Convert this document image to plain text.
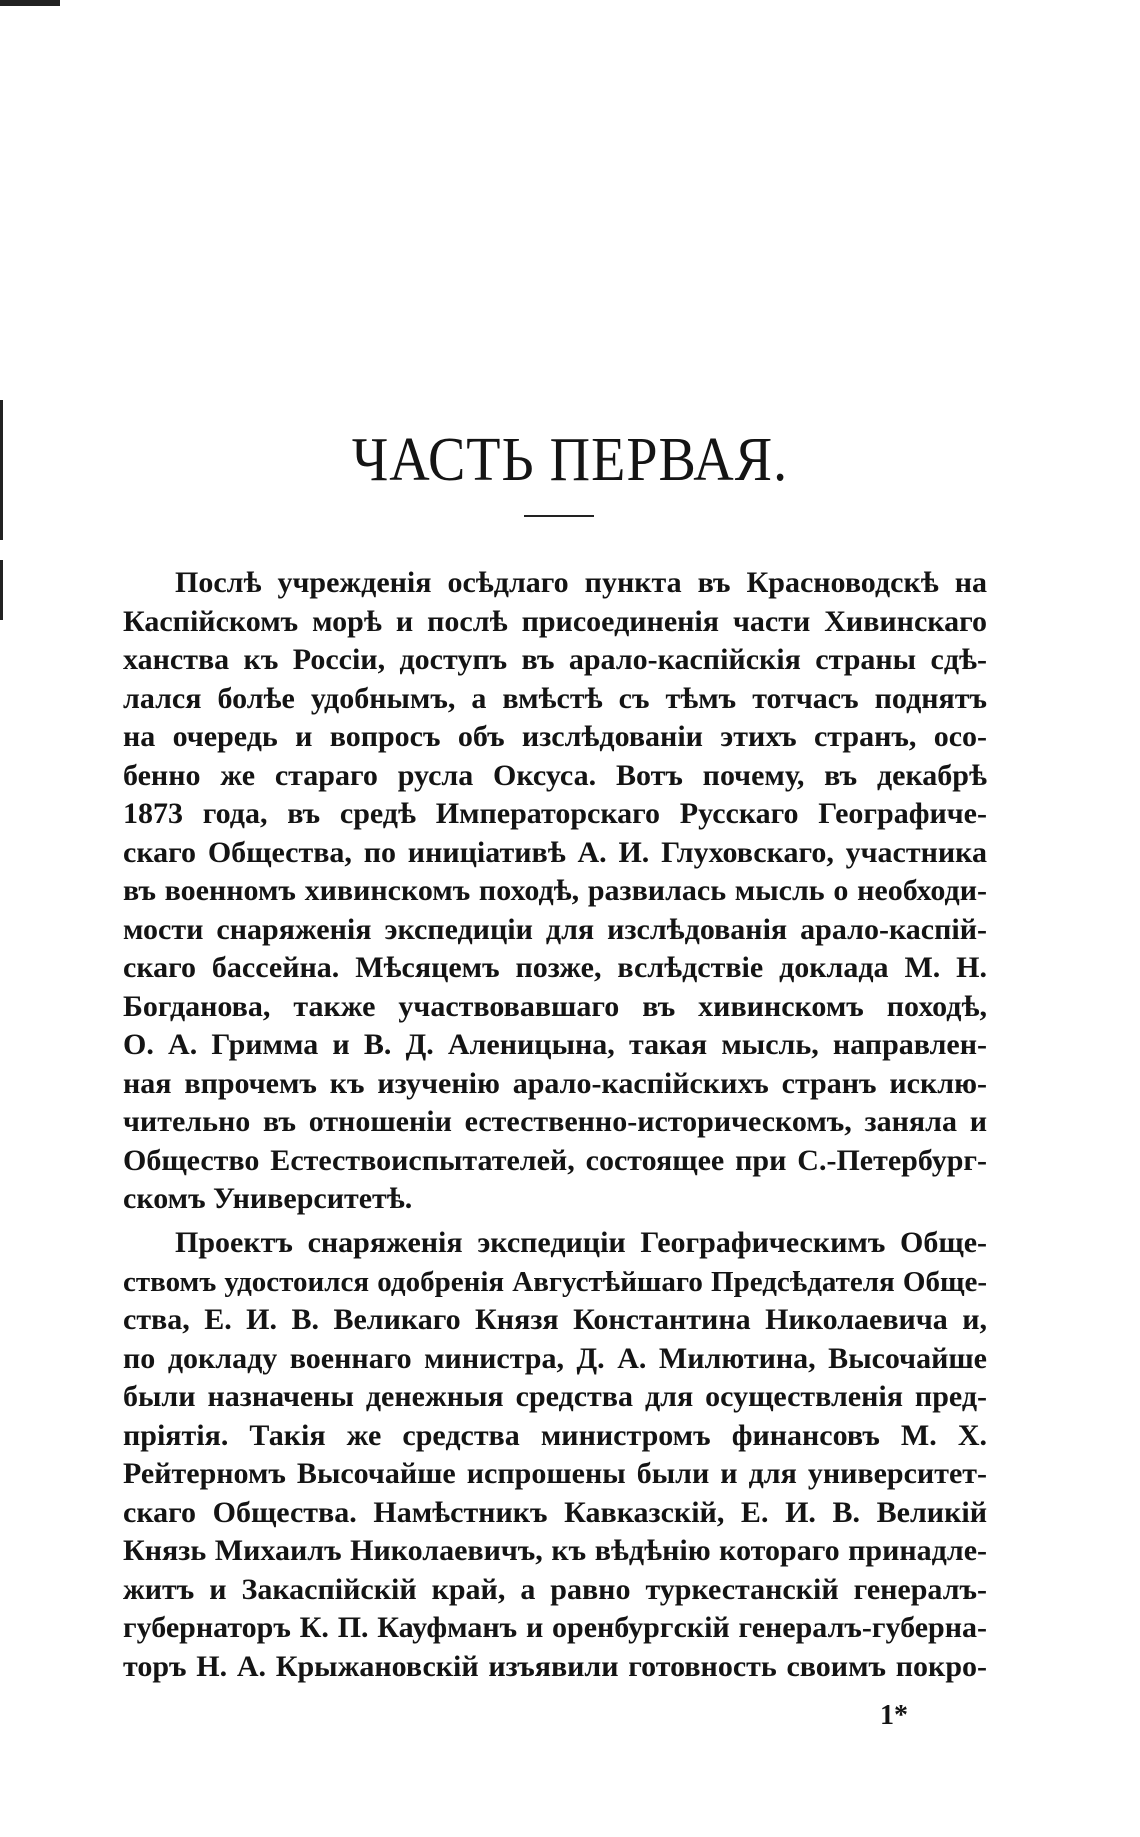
ЧАСТЬ ПЕРВАЯ.
Послѣ учрежденія осѣдлаго пункта въ Красноводскѣ на
Каспійскомъ морѣ и послѣ присоединенія части Хивинскаго
ханства къ Россіи, доступъ въ арало-каспійскія страны сдѣ-
лался болѣе удобнымъ, а вмѣстѣ съ тѣмъ тотчасъ поднятъ
на очередь и вопросъ объ изслѣдованіи этихъ странъ, осо-
бенно же стараго русла Оксуса. Вотъ почему, въ декабрѣ
1873 года, въ средѣ Императорскаго Русскаго Географиче-
скаго Общества, по иниціативѣ А. И. Глуховскаго, участника
въ военномъ хивинскомъ походѣ, развилась мысль о необходи-
мости снаряженія экспедиціи для изслѣдованія арало-каспій-
скаго бассейна. Мѣсяцемъ позже, вслѣдствіе доклада М. Н.
Богданова, также участвовавшаго въ хивинскомъ походѣ,
О. А. Гримма и В. Д. Аленицына, такая мысль, направлен-
ная впрочемъ къ изученію арало-каспійскихъ странъ исклю-
чительно въ отношеніи естественно-историческомъ, заняла и
Общество Естествоиспытателей, состоящее при С.-Петербург-
скомъ Университетѣ.
Проектъ снаряженія экспедиціи Географическимъ Обще-
ствомъ удостоился одобренія Августѣйшаго Предсѣдателя Обще-
ства, Е. И. В. Великаго Князя Константина Николаевича и,
по докладу военнаго министра, Д. А. Милютина, Высочайше
были назначены денежныя средства для осуществленія пред-
пріятія. Такія же средства министромъ финансовъ М. Х.
Рейтерномъ Высочайше испрошены были и для университет-
скаго Общества. Намѣстникъ Кавказскій, Е. И. В. Великій
Князь Михаилъ Николаевичъ, къ вѣдѣнію котораго принадле-
житъ и Закаспійскій край, а равно туркестанскій генералъ-
губернаторъ К. П. Кауфманъ и оренбургскій генералъ-губерна-
торъ Н. А. Крыжановскій изъявили готовность своимъ покро-
1*
